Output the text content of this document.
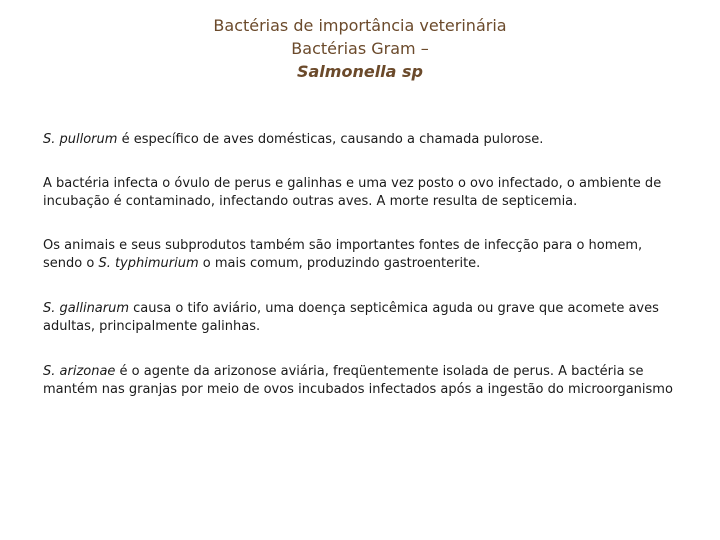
Bactérias de importância veterinária
Bactérias Gram –
Salmonella sp

S. pullorum é específico de aves domésticas, causando a chamada pulorose.

A bactéria infecta o óvulo de perus e galinhas e uma vez posto o ovo infectado, o ambiente de incubação é contaminado, infectando outras aves. A morte resulta de septicemia.

Os animais e seus subprodutos também são importantes fontes de infecção para o homem, sendo o S. typhimurium o mais comum, produzindo gastroenterite.

S. gallinarum causa o tifo aviário, uma doença septicêmica aguda ou grave que acomete aves adultas, principalmente galinhas.

S. arizonae é o agente da arizonose aviária, freqüentemente isolada de perus. A bactéria se mantém nas granjas por meio de ovos incubados infectados após a ingestão do microorganismo
